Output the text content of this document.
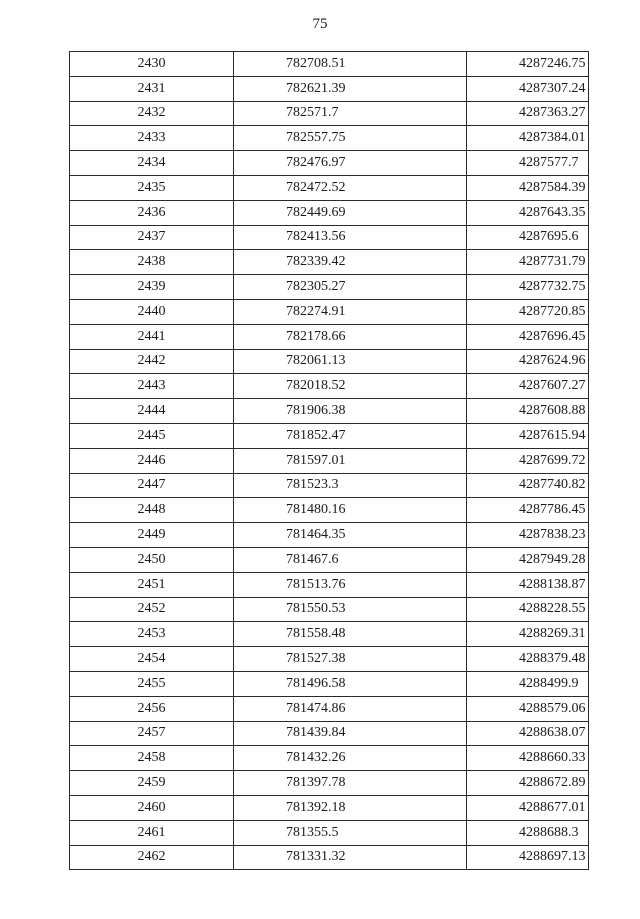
75
2430	782708.51	4287246.75
2431	782621.39	4287307.24
2432	782571.7	4287363.27
2433	782557.75	4287384.01
2434	782476.97	4287577.7
2435	782472.52	4287584.39
2436	782449.69	4287643.35
2437	782413.56	4287695.6
2438	782339.42	4287731.79
2439	782305.27	4287732.75
2440	782274.91	4287720.85
2441	782178.66	4287696.45
2442	782061.13	4287624.96
2443	782018.52	4287607.27
2444	781906.38	4287608.88
2445	781852.47	4287615.94
2446	781597.01	4287699.72
2447	781523.3	4287740.82
2448	781480.16	4287786.45
2449	781464.35	4287838.23
2450	781467.6	4287949.28
2451	781513.76	4288138.87
2452	781550.53	4288228.55
2453	781558.48	4288269.31
2454	781527.38	4288379.48
2455	781496.58	4288499.9
2456	781474.86	4288579.06
2457	781439.84	4288638.07
2458	781432.26	4288660.33
2459	781397.78	4288672.89
2460	781392.18	4288677.01
2461	781355.5	4288688.3
2462	781331.32	4288697.13
